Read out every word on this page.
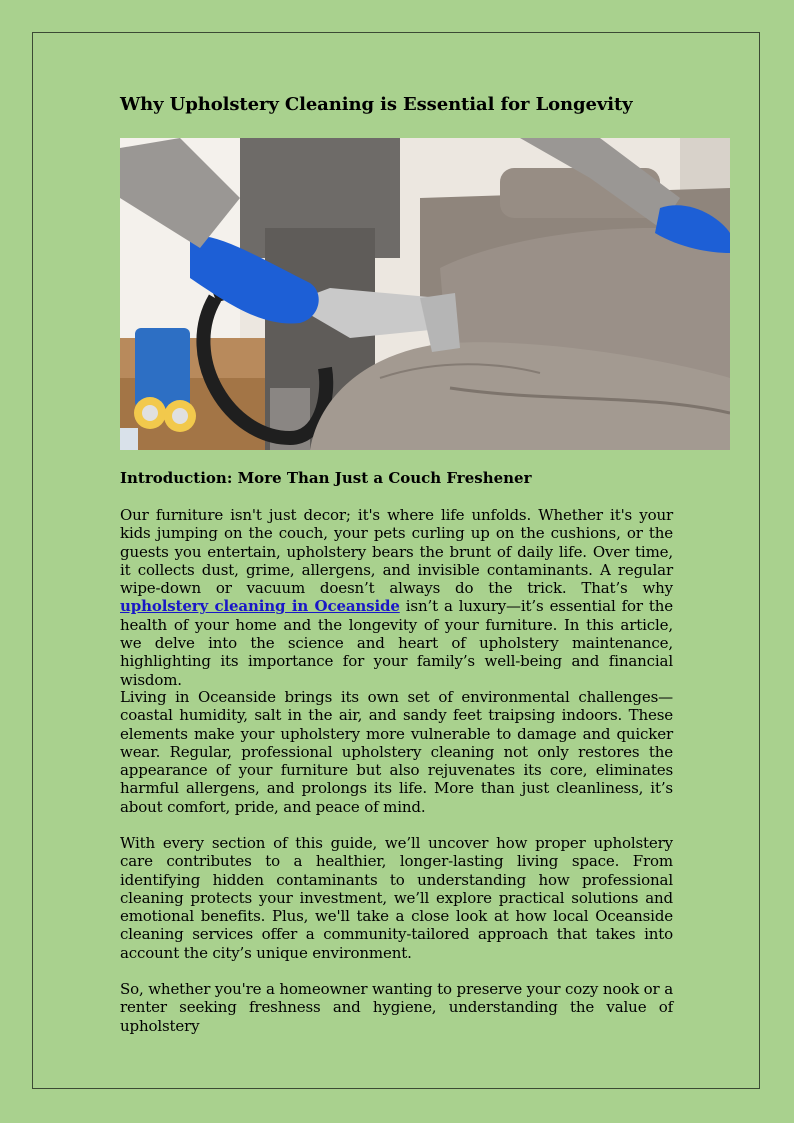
Why Upholstery Cleaning is Essential for Longevity
Introduction: More Than Just a Couch Freshener

Our furniture isn't just decor; it's where life unfolds. Whether it's your kids jumping on the couch, your pets curling up on the cushions, or the guests you entertain, upholstery bears the brunt of daily life. Over time, it collects dust, grime, allergens, and invisible contaminants. A regular wipe-down or vacuum doesn’t always do the trick. That’s why upholstery cleaning in Oceanside isn’t a luxury—it’s essential for the health of your home and the longevity of your furniture. In this article, we delve into the science and heart of upholstery maintenance, highlighting its importance for your family’s well-being and financial wisdom.

Living in Oceanside brings its own set of environmental challenges—coastal humidity, salt in the air, and sandy feet traipsing indoors. These elements make your upholstery more vulnerable to damage and quicker wear. Regular, professional upholstery cleaning not only restores the appearance of your furniture but also rejuvenates its core, eliminates harmful allergens, and prolongs its life. More than just cleanliness, it’s about comfort, pride, and peace of mind.

With every section of this guide, we’ll uncover how proper upholstery care contributes to a healthier, longer-lasting living space. From identifying hidden contaminants to understanding how professional cleaning protects your investment, we’ll explore practical solutions and emotional benefits. Plus, we'll take a close look at how local Oceanside cleaning services offer a community-tailored approach that takes into account the city’s unique environment.

So, whether you're a homeowner wanting to preserve your cozy nook or a renter seeking freshness and hygiene, understanding the value of upholstery
